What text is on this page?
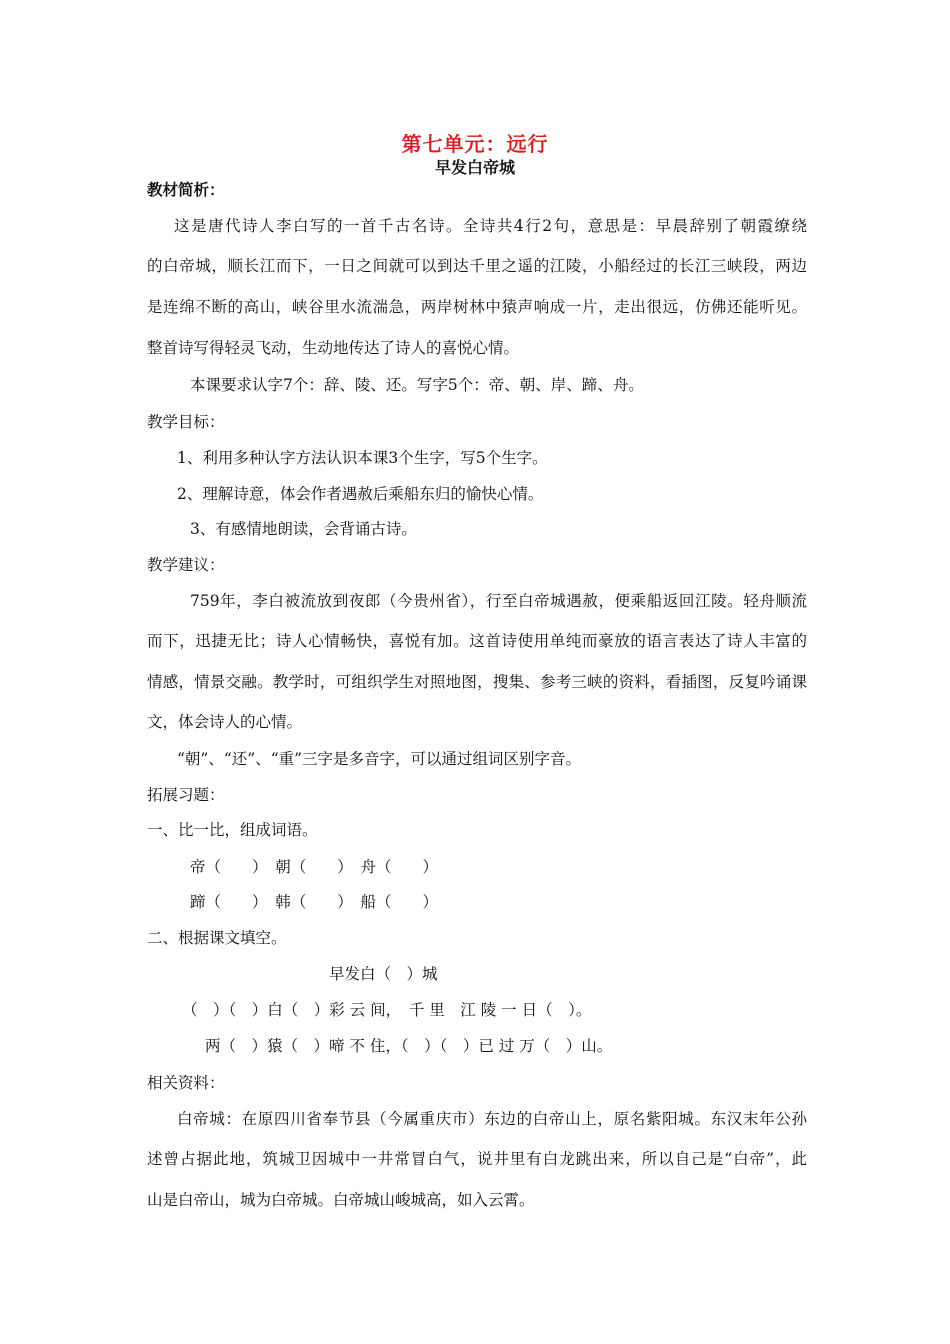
第七单元：远行
早发白帝城
教材简析：
这是唐代诗人李白写的一首千古名诗。全诗共4行2句，意思是：早晨辞别了朝霞缭绕
的白帝城，顺长江而下，一日之间就可以到达千里之遥的江陵，小船经过的长江三峡段，两边
是连绵不断的高山，峡谷里水流湍急，两岸树林中猿声响成一片，走出很远，仿佛还能听见。
整首诗写得轻灵飞动，生动地传达了诗人的喜悦心情。
本课要求认字7个：辞、陵、还。写字5个：帝、朝、岸、蹄、舟。
教学目标：
1、利用多种认字方法认识本课3个生字，写5个生字。
2、理解诗意，体会作者遇赦后乘船东归的愉快心情。
3、有感情地朗读，会背诵古诗。
教学建议：
759年，李白被流放到夜郎（今贵州省），行至白帝城遇赦，便乘船返回江陵。轻舟顺流
而下，迅捷无比；诗人心情畅快，喜悦有加。这首诗使用单纯而豪放的语言表达了诗人丰富的
情感，情景交融。教学时，可组织学生对照地图，搜集、参考三峡的资料，看插图，反复吟诵课
文，体会诗人的心情。
“朝”、“还”、“重”三字是多音字，可以通过组词区别字音。
拓展习题：
一、比一比，组成词语。
帝（　　）　朝（　　）　舟（　　）
蹄（　　）　韩（　　）　船（　　）
二、根据课文填空。
早发白（　）城
（　）（　）白（　）彩 云 间，　千 里　江 陵 一 日（　）。
两（　）猿（　）啼 不 住，（　）（　）已 过 万（　）山。
相关资料：
白帝城：在原四川省奉节县（今属重庆市）东边的白帝山上，原名紫阳城。东汉末年公孙
述曾占据此地，筑城卫因城中一井常冒白气，说井里有白龙跳出来，所以自己是“白帝”，此
山是白帝山，城为白帝城。白帝城山峻城高，如入云霄。
